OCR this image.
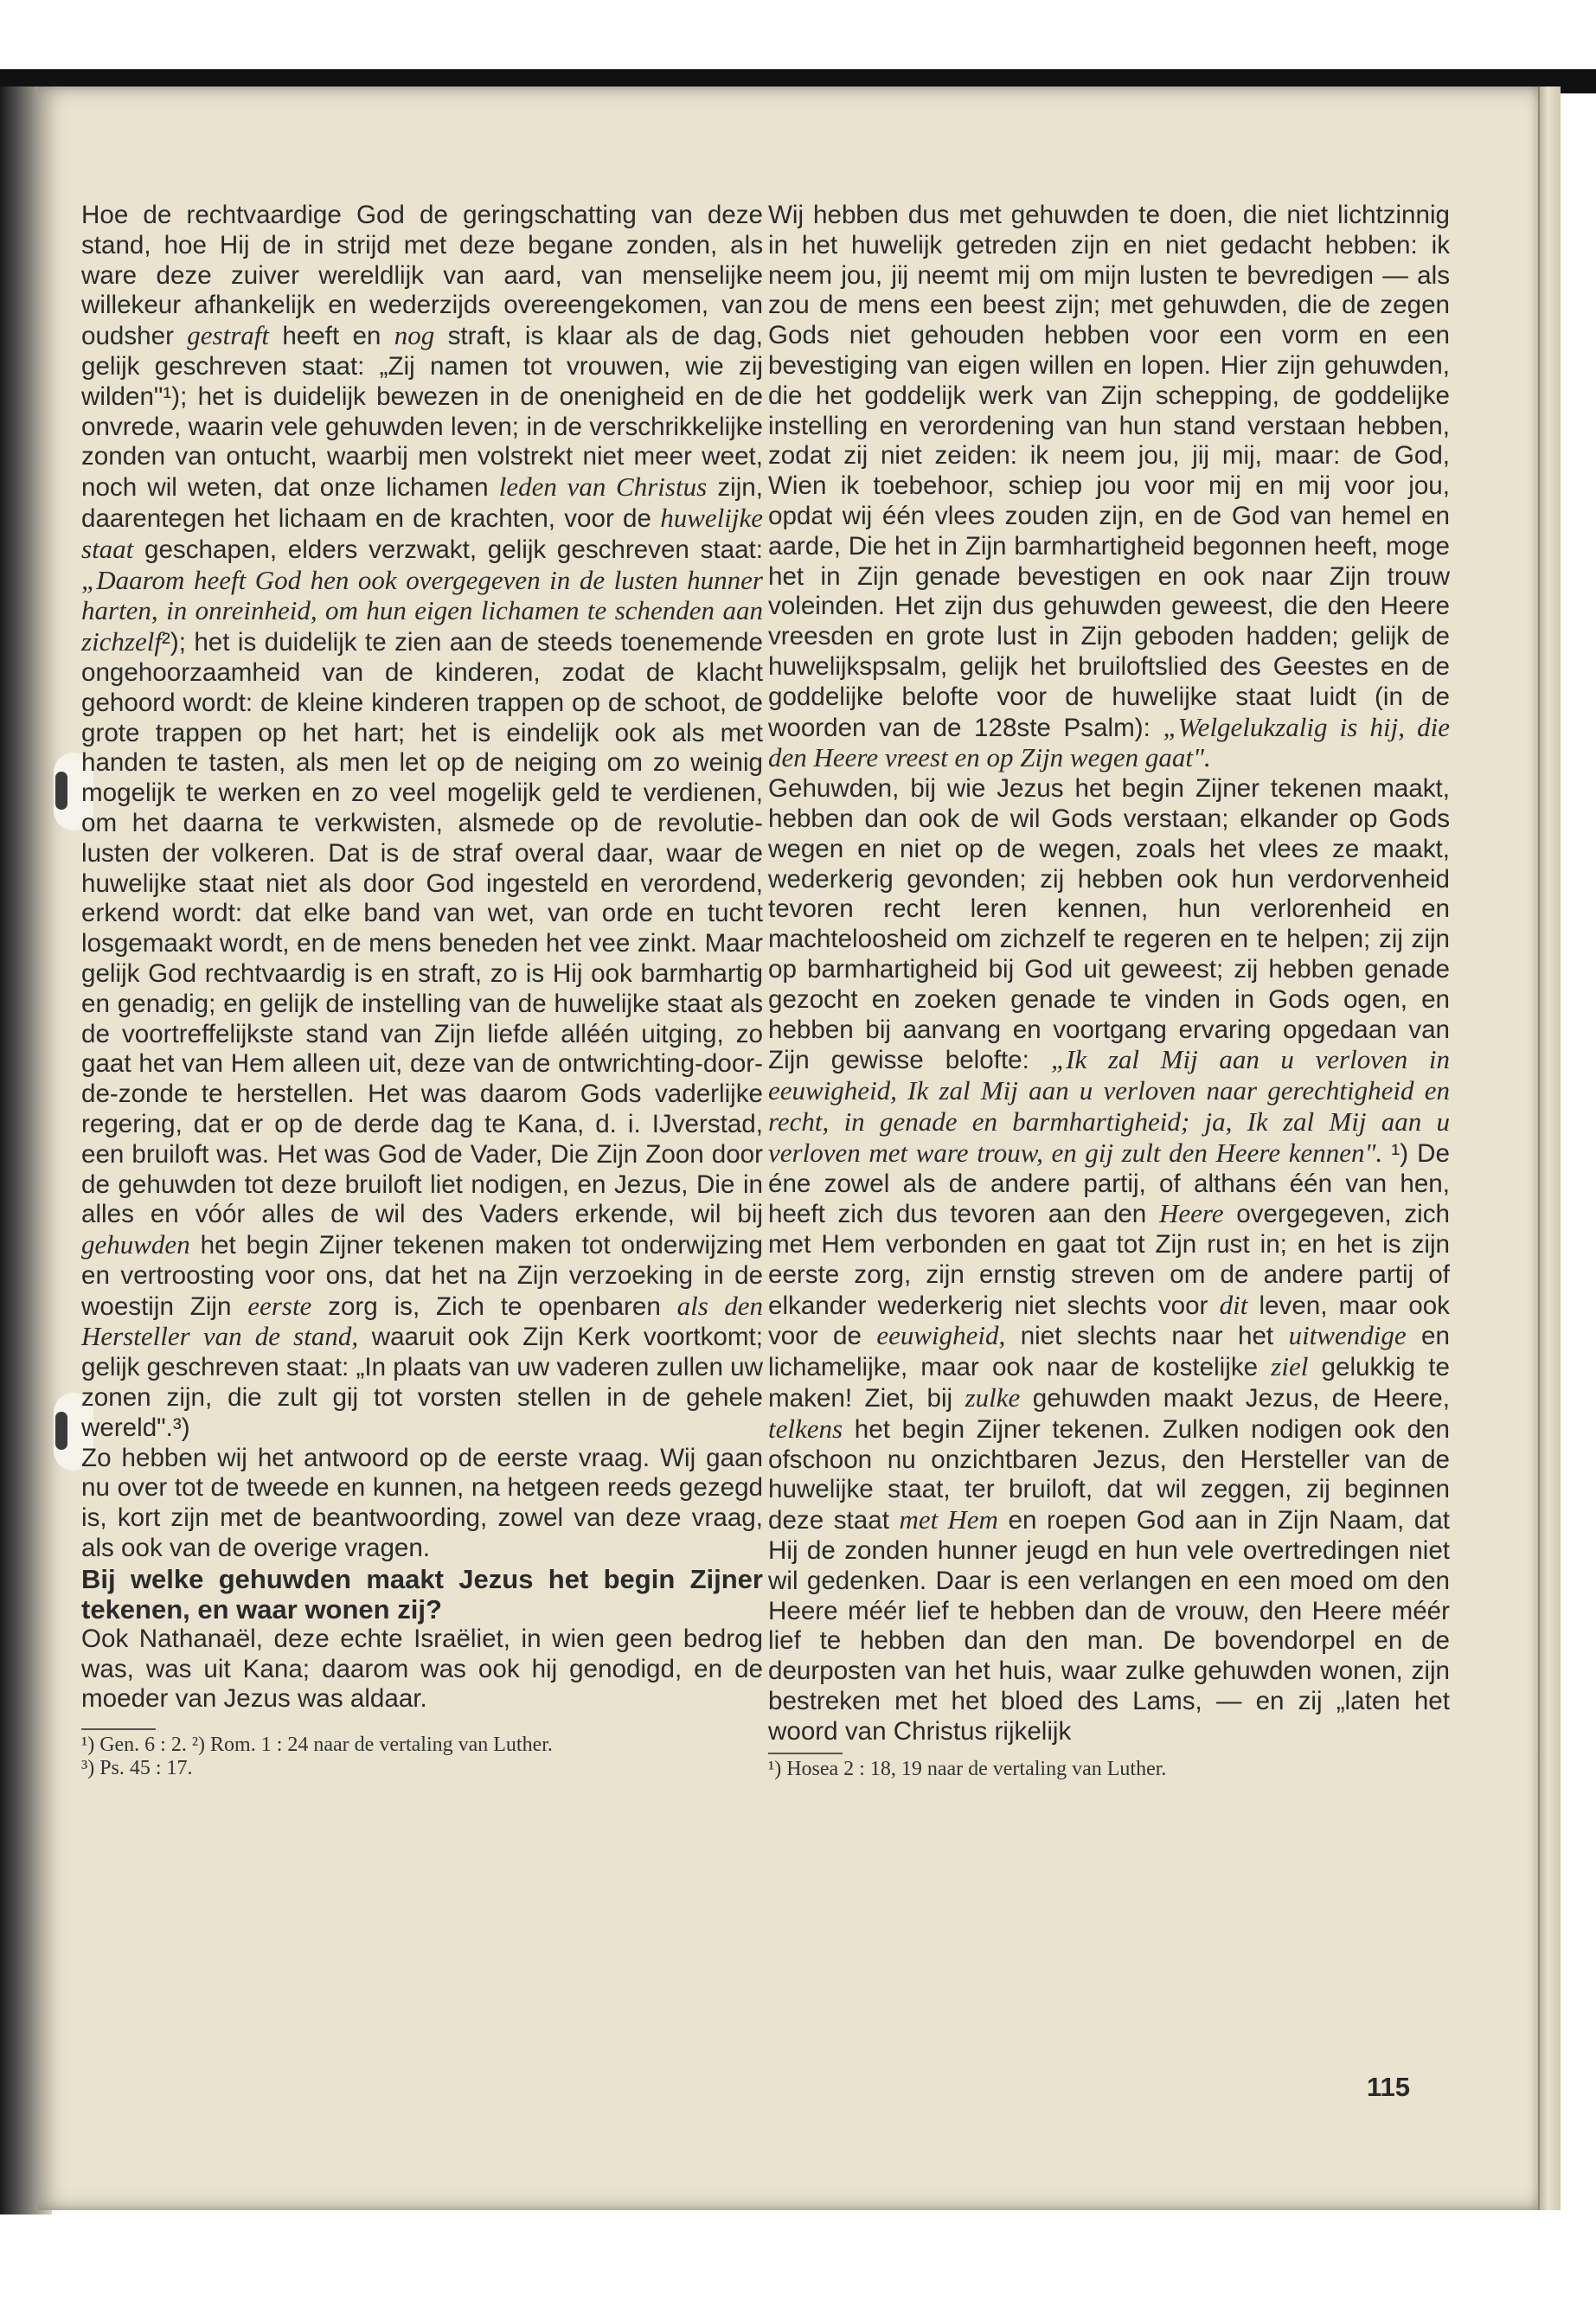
Hoe de rechtvaardige God de geringschatting van deze stand, hoe Hij de in strijd met deze begane zonden, als ware deze zuiver wereldlijk van aard, van menselijke willekeur afhankelijk en wederzijds overeengekomen, van oudsher gestraft heeft en nog straft, is klaar als de dag, gelijk geschreven staat: „Zij namen tot vrouwen, wie zij wilden"¹); het is duidelijk bewezen in de onenigheid en de onvrede, waarin vele gehuwden leven; in de verschrikkelijke zonden van ontucht, waarbij men volstrekt niet meer weet, noch wil weten, dat onze lichamen leden van Christus zijn, daarentegen het lichaam en de krachten, voor de huwelijke staat geschapen, elders verzwakt, gelijk geschreven staat: „Daarom heeft God hen ook overgegeven in de lusten hunner harten, in onreinheid, om hun eigen lichamen te schenden aan zichzelf²); het is duidelijk te zien aan de steeds toenemende ongehoorzaamheid van de kinderen, zodat de klacht gehoord wordt: de kleine kinderen trappen op de schoot, de grote trappen op het hart; het is eindelijk ook als met handen te tasten, als men let op de neiging om zo weinig mogelijk te werken en zo veel mogelijk geld te verdienen, om het daarna te verkwisten, alsmede op de revolutie-lusten der volkeren. Dat is de straf overal daar, waar de huwelijke staat niet als door God ingesteld en verordend, erkend wordt: dat elke band van wet, van orde en tucht losgemaakt wordt, en de mens beneden het vee zinkt. Maar gelijk God rechtvaardig is en straft, zo is Hij ook barmhartig en genadig; en gelijk de instelling van de huwelijke staat als de voortreffelijkste stand van Zijn liefde alléén uitging, zo gaat het van Hem alleen uit, deze van de ontwrichting-door-de-zonde te herstellen. Het was daarom Gods vaderlijke regering, dat er op de derde dag te Kana, d. i. IJverstad, een bruiloft was. Het was God de Vader, Die Zijn Zoon door de gehuwden tot deze bruiloft liet nodigen, en Jezus, Die in alles en vóór alles de wil des Vaders erkende, wil bij gehuwden het begin Zijner tekenen maken tot onderwijzing en vertroosting voor ons, dat het na Zijn verzoeking in de woestijn Zijn eerste zorg is, Zich te openbaren als den Hersteller van de stand, waaruit ook Zijn Kerk voortkomt; gelijk geschreven staat: „In plaats van uw vaderen zullen uw zonen zijn, die zult gij tot vorsten stellen in de gehele wereld".³)

Zo hebben wij het antwoord op de eerste vraag. Wij gaan nu over tot de tweede en kunnen, na hetgeen reeds gezegd is, kort zijn met de beantwoording, zowel van deze vraag, als ook van de overige vragen.

Bij welke gehuwden maakt Jezus het begin Zijner tekenen, en waar wonen zij?

Ook Nathanaël, deze echte Israëliet, in wien geen bedrog was, was uit Kana; daarom was ook hij genodigd, en de moeder van Jezus was aldaar.

¹) Gen. 6 : 2. ²) Rom. 1 : 24 naar de vertaling van Luther.
³) Ps. 45 : 17.

Wij hebben dus met gehuwden te doen, die niet lichtzinnig in het huwelijk getreden zijn en niet gedacht hebben: ik neem jou, jij neemt mij om mijn lusten te bevredigen — als zou de mens een beest zijn; met gehuwden, die de zegen Gods niet gehouden hebben voor een vorm en een bevestiging van eigen willen en lopen. Hier zijn gehuwden, die het goddelijk werk van Zijn schepping, de goddelijke instelling en verordening van hun stand verstaan hebben, zodat zij niet zeiden: ik neem jou, jij mij, maar: de God, Wien ik toebehoor, schiep jou voor mij en mij voor jou, opdat wij één vlees zouden zijn, en de God van hemel en aarde, Die het in Zijn barmhartigheid begonnen heeft, moge het in Zijn genade bevestigen en ook naar Zijn trouw voleinden. Het zijn dus gehuwden geweest, die den Heere vreesden en grote lust in Zijn geboden hadden; gelijk de huwelijkspsalm, gelijk het bruiloftslied des Geestes en de goddelijke belofte voor de huwelijke staat luidt (in de woorden van de 128ste Psalm): „Welgelukzalig is hij, die den Heere vreest en op Zijn wegen gaat".

Gehuwden, bij wie Jezus het begin Zijner tekenen maakt, hebben dan ook de wil Gods verstaan; elkander op Gods wegen en niet op de wegen, zoals het vlees ze maakt, wederkerig gevonden; zij hebben ook hun verdorvenheid tevoren recht leren kennen, hun verlorenheid en machteloosheid om zichzelf te regeren en te helpen; zij zijn op barmhartigheid bij God uit geweest; zij hebben genade gezocht en zoeken genade te vinden in Gods ogen, en hebben bij aanvang en voortgang ervaring opgedaan van Zijn gewisse belofte: „Ik zal Mij aan u verloven in eeuwigheid, Ik zal Mij aan u verloven naar gerechtigheid en recht, in genade en barmhartigheid; ja, Ik zal Mij aan u verloven met ware trouw, en gij zult den Heere kennen". ¹) De éne zowel als de andere partij, of althans één van hen, heeft zich dus tevoren aan den Heere overgegeven, zich met Hem verbonden en gaat tot Zijn rust in; en het is zijn eerste zorg, zijn ernstig streven om de andere partij of elkander wederkerig niet slechts voor dit leven, maar ook voor de eeuwigheid, niet slechts naar het uitwendige en lichamelijke, maar ook naar de kostelijke ziel gelukkig te maken! Ziet, bij zulke gehuwden maakt Jezus, de Heere, telkens het begin Zijner tekenen. Zulken nodigen ook den ofschoon nu onzichtbaren Jezus, den Hersteller van de huwelijke staat, ter bruiloft, dat wil zeggen, zij beginnen deze staat met Hem en roepen God aan in Zijn Naam, dat Hij de zonden hunner jeugd en hun vele overtredingen niet wil gedenken. Daar is een verlangen en een moed om den Heere méér lief te hebben dan de vrouw, den Heere méér lief te hebben dan den man. De bovendorpel en de deurposten van het huis, waar zulke gehuwden wonen, zijn bestreken met het bloed des Lams, — en zij „laten het woord van Christus rijkelijk

¹) Hosea 2 : 18, 19 naar de vertaling van Luther.
115
